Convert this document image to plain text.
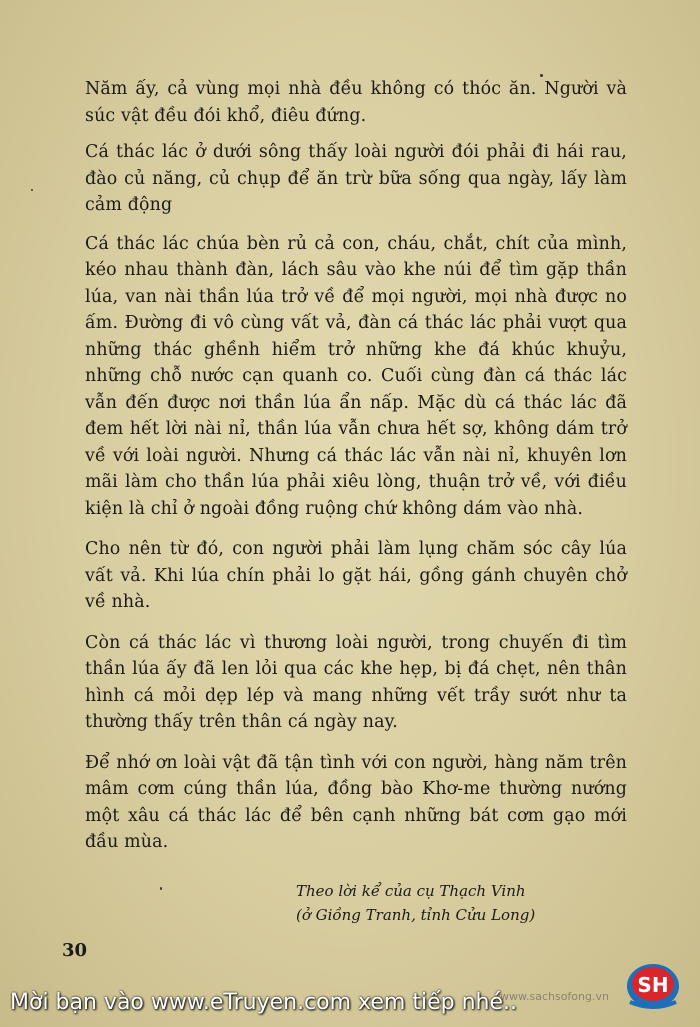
Năm ấy, cả vùng mọi nhà đều không có thóc ăn. Người và súc vật đều đói khổ, điêu đứng.

Cá thác lác ở dưới sông thấy loài người đói phải đi hái rau, đào củ năng, củ chụp để ăn trừ bữa sống qua ngày, lấy làm cảm động

Cá thác lác chúa bèn rủ cả con, cháu, chắt, chít của mình, kéo nhau thành đàn, lách sâu vào khe núi để tìm gặp thần lúa, van nài thần lúa trở về để mọi người, mọi nhà được no ấm. Đường đi vô cùng vất vả, đàn cá thác lác phải vượt qua những thác ghềnh hiểm trở những khe đá khúc khuỷu, những chỗ nước cạn quanh co. Cuối cùng đàn cá thác lác vẫn đến được nơi thần lúa ẩn nấp. Mặc dù cá thác lác đã đem hết lời nài nỉ, thần lúa vẫn chưa hết sợ, không dám trở về với loài người. Nhưng cá thác lác vẫn nài nỉ, khuyên lơn mãi làm cho thần lúa phải xiêu lòng, thuận trở về, với điều kiện là chỉ ở ngoài đồng ruộng chứ không dám vào nhà.

Cho nên từ đó, con người phải làm lụng chăm sóc cây lúa vất vả. Khi lúa chín phải lo gặt hái, gồng gánh chuyên chở về nhà.

Còn cá thác lác vì thương loài người, trong chuyến đi tìm thần lúa ấy đã len lỏi qua các khe hẹp, bị đá chẹt, nên thân hình cá mỏi dẹp lép và mang những vết trầy sướt như ta thường thấy trên thân cá ngày nay.

Để nhớ ơn loài vật đã tận tình với con người, hàng năm trên mâm cơm cúng thần lúa, đồng bào Khơ-me thường nướng một xâu cá thác lác để bên cạnh những bát cơm gạo mới đầu mùa.

Theo lời kể của cụ Thạch Vinh
(ở Giồng Tranh, tỉnh Cửu Long)
30
www.sachsofong.vn SH
Mời bạn vào www.eTruyen.com xem tiếp nhé..
